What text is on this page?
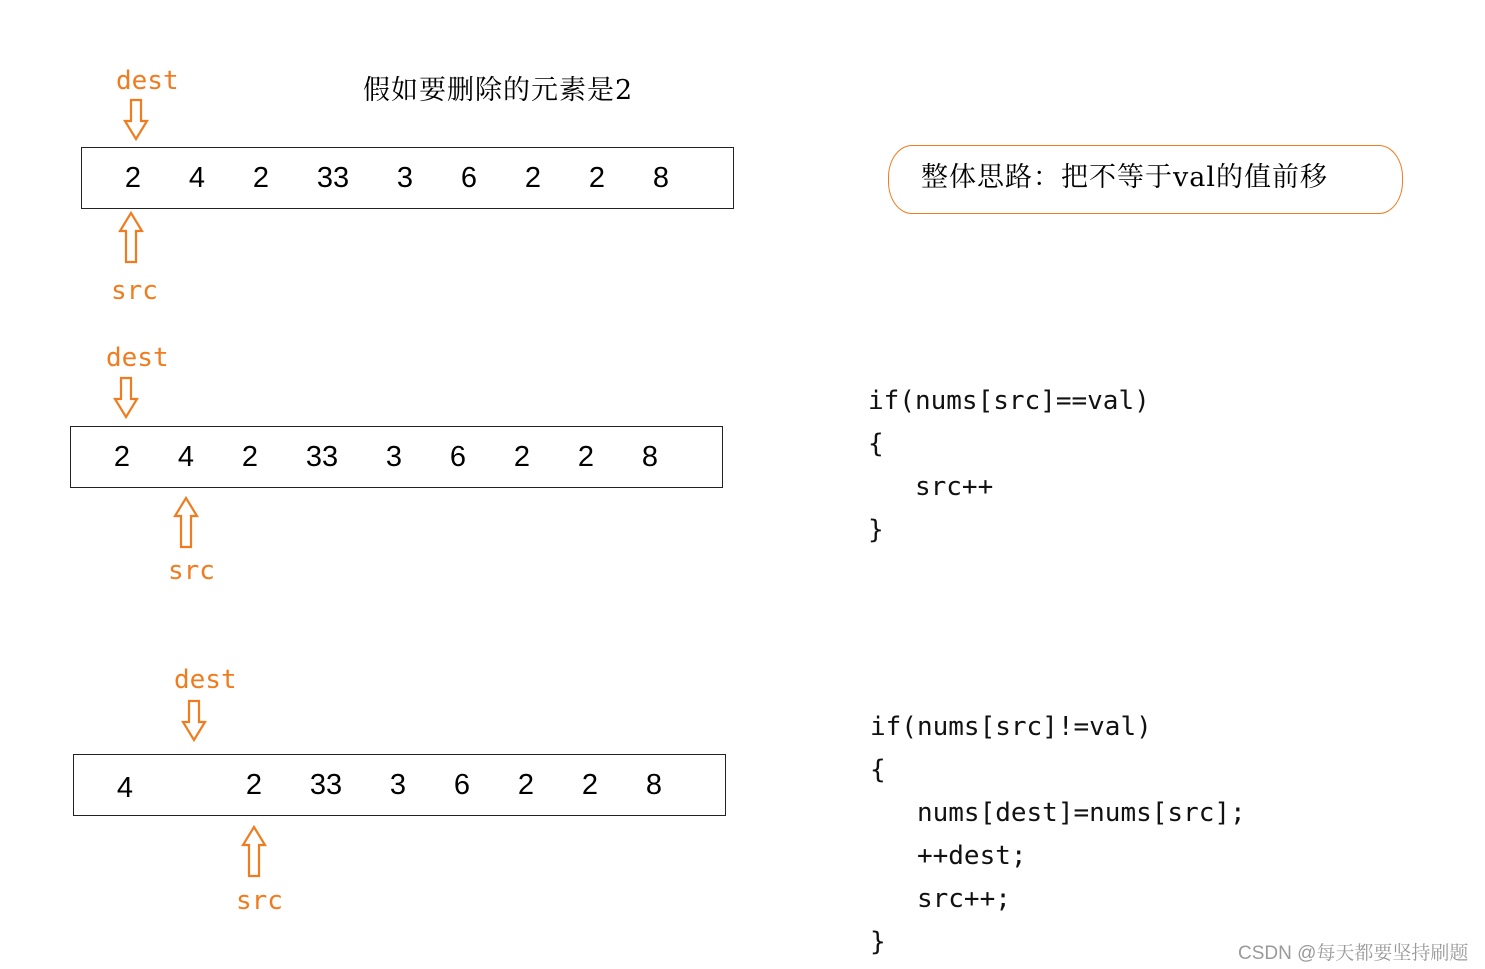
假如要删除的元素是2
整体思路：把不等于val的值前移
dest
2 4 2 33 3 6 2 2 8
src
dest
2 4 2 33 3 6 2 2 8
src
dest
4	2 33 3 6 2 2 8
src
if(nums[src]==val)
{
src++
}
if(nums[src]!=val)
{
nums[dest]=nums[src];
++dest;
src++;
}	CSDN @每天都要坚持刷题
